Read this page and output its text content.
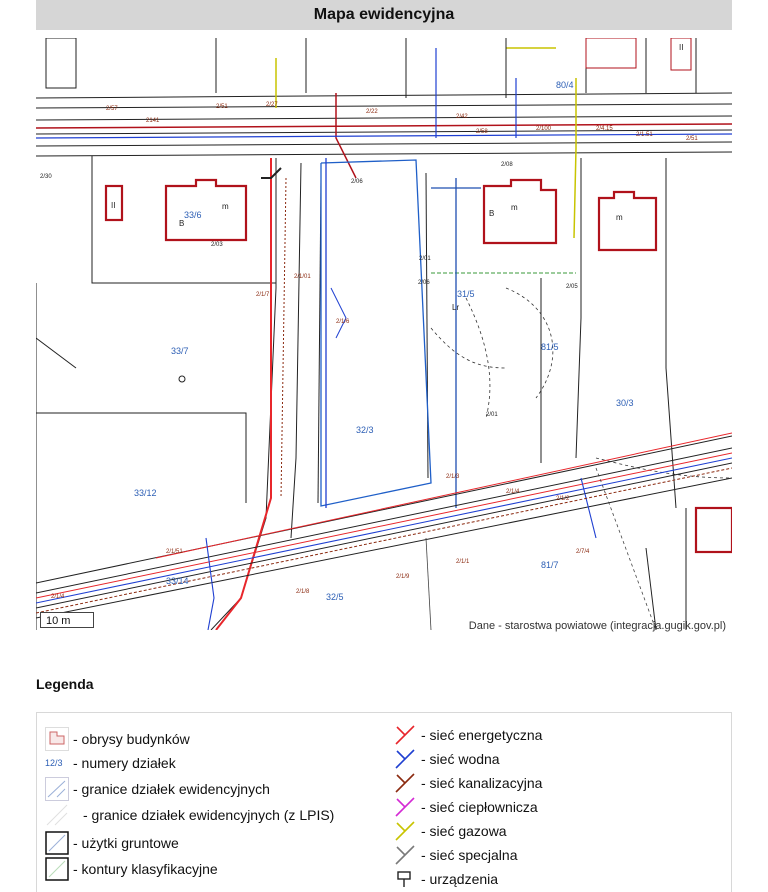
Mapa ewidencyjna
2/57
2141
2/51	2/27
2/22
2/42
2/58	2/100	2/4.15
2/1.51
2/51
2/1/7
2/1/01
2/1/6
2/1/3
2/1/4
2/1/2
2/1/51
2/1/8
2/1/9
2/1/1
2/7/4
2/1/4
2/30
2/03
2/06
2/01
2/06
2/01
2/05
2/08
33/6
33/7
32/3
33/12
31/5
81/5
30/3
80/4
32/5
81/7
33/14
B
m
II
B
m
m
II
Lr
10 m	Dane - starostwa powiatowe (integracja.gugik.gov.pl)
Legenda
- obrysy budynków
12/3 - numery działek
- granice działek ewidencyjnych
- granice działek ewidencyjnych (z LPIS)
- użytki gruntowe
- kontury klasyfikacyjne
- sieć energetyczna
- sieć wodna
- sieć kanalizacyjna
- sieć ciepłownicza
- sieć gazowa
- sieć specjalna
- urządzenia
